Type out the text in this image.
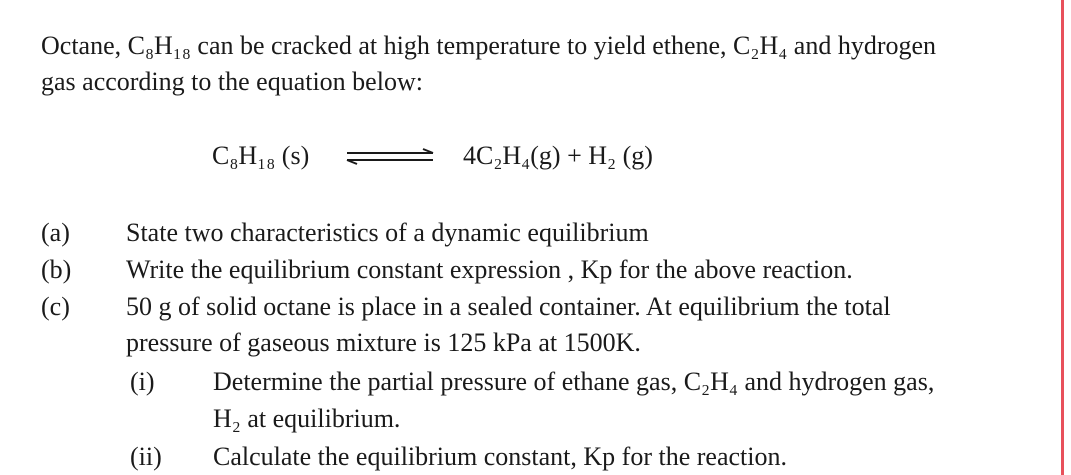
Octane, C₈H₁₈ can be cracked at high temperature to yield ethene, C₂H₄ and hydrogen
gas according to the equation below:
C₈H₁₈ (s)	4C₂H₄(g) + H₂ (g)
(a) State two characteristics of a dynamic equilibrium
(b) Write the equilibrium constant expression , Kp for the above reaction.
(c) 50 g of solid octane is place in a sealed container. At equilibrium the total
pressure of gaseous mixture is 125 kPa at 1500K.
(i) Determine the partial pressure of ethane gas, C₂H₄ and hydrogen gas,
H₂ at equilibrium.
(ii) Calculate the equilibrium constant, Kp for the reaction.
